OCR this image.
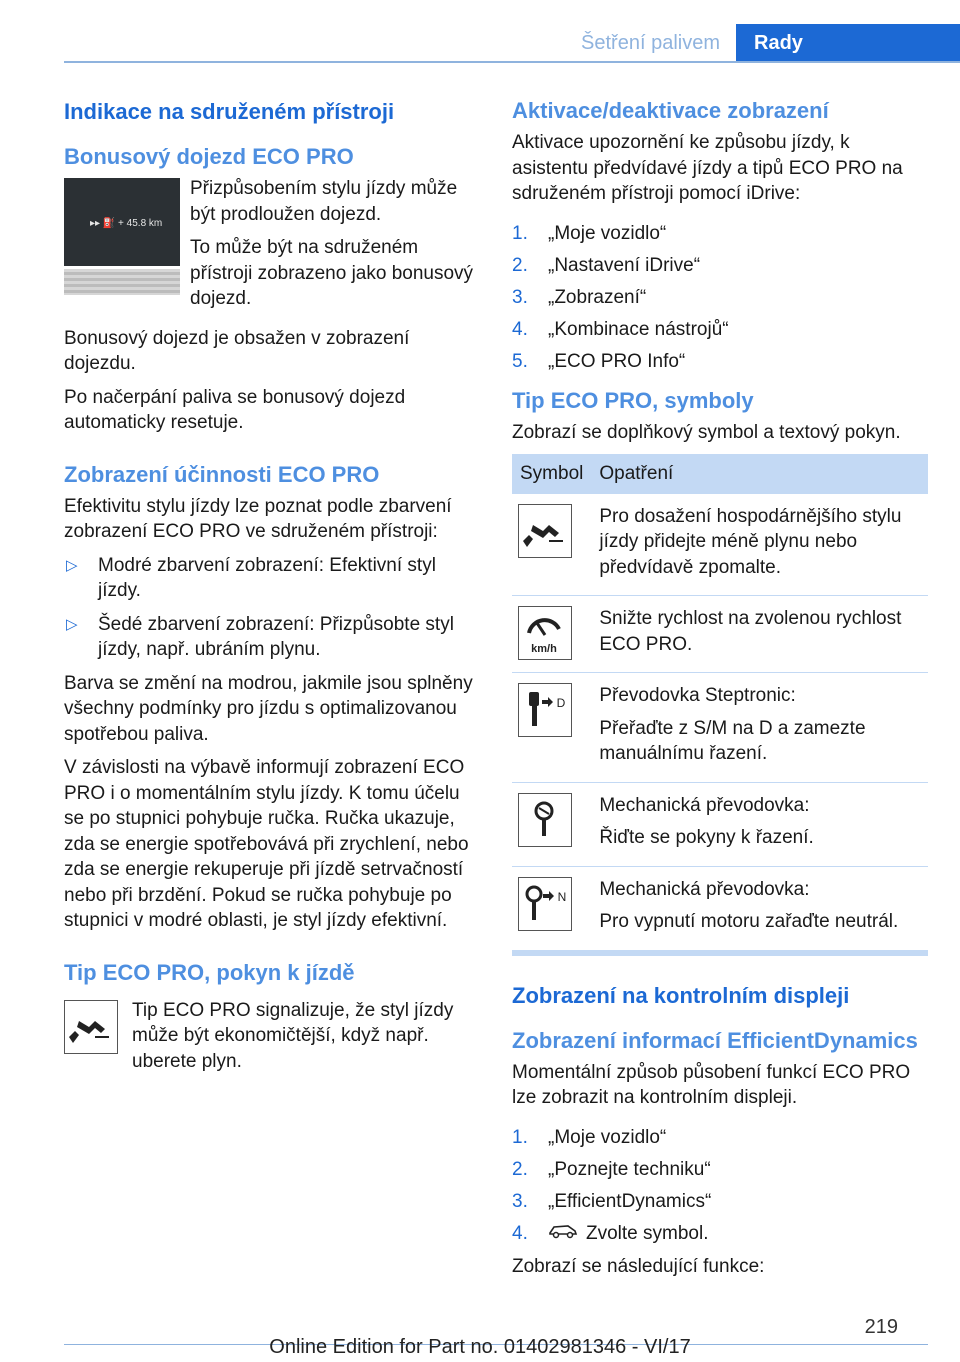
Šetření palivem	Rady
Indikace na sdruženém přístroji
Bonusový dojezd ECO PRO
▸▸ ⛽ + 45.8 km

Přizpůsobením stylu jízdy může být prodloužen dojezd.

To může být na sdruženém přístroji zobrazeno jako bonusový dojezd.

Bonusový dojezd je obsažen v zobrazení dojezdu.

Po načerpání paliva se bonusový dojezd automaticky resetuje.

Zobrazení účinnosti ECO PRO

Efektivitu stylu jízdy lze poznat podle zbarvení zobrazení ECO PRO ve sdruženém přístroji:

▷ Modré zbarvení zobrazení: Efektivní styl jízdy.
▷ Šedé zbarvení zobrazení: Přizpůsobte styl jízdy, např. ubráním plynu.

Barva se změní na modrou, jakmile jsou splněny všechny podmínky pro jízdu s optimalizovanou spotřebou paliva.

V závislosti na výbavě informují zobrazení ECO PRO i o momentálním stylu jízdy. K tomu účelu se po stupnici pohybuje ručka. Ručka ukazuje, zda se energie spotřebovává při zrychlení, nebo zda se energie rekuperuje při jízdě setrvačností nebo při brzdění. Pokud se ručka pohybuje po stupnici v modré oblasti, je styl jízdy efektivní.

Tip ECO PRO, pokyn k jízdě

Tip ECO PRO signalizuje, že styl jízdy může být ekonomičtější, když např. uberete plyn.

Aktivace/deaktivace zobrazení

Aktivace upozornění ke způsobu jízdy, k asistentu předvídavé jízdy a tipů ECO PRO na sdruženém přístroji pomocí iDrive:

1. „Moje vozidlo“
2. „Nastavení iDrive“
3. „Zobrazení“
4. „Kombinace nástrojů“
5. „ECO PRO Info“
Tip ECO PRO, symboly

Zobrazí se doplňkový symbol a textový pokyn.

Symbol	Opatření

Pro dosažení hospodárnějšího stylu jízdy přidejte méně plynu nebo předvídavě zpomalte.

km/h	Snižte rychlost na zvolenou rychlost ECO PRO.

D	Převodovka Steptronic:

Přeřaďte z S/M na D a zamezte manuálnímu řazení.

Mechanická převodovka:

Řiďte se pokyny k řazení.

N	Mechanická převodovka:

Pro vypnutí motoru zařaďte neutrál.

Zobrazení na kontrolním displeji
Zobrazení informací EfficientDynamics

Momentální způsob působení funkcí ECO PRO lze zobrazit na kontrolním displeji.

1. „Moje vozidlo“
2. „Poznejte techniku“
3. „EfficientDynamics“
4.	Zvolte symbol.

Zobrazí se následující funkce:

219
Online Edition for Part no. 01402981346 - VI/17
